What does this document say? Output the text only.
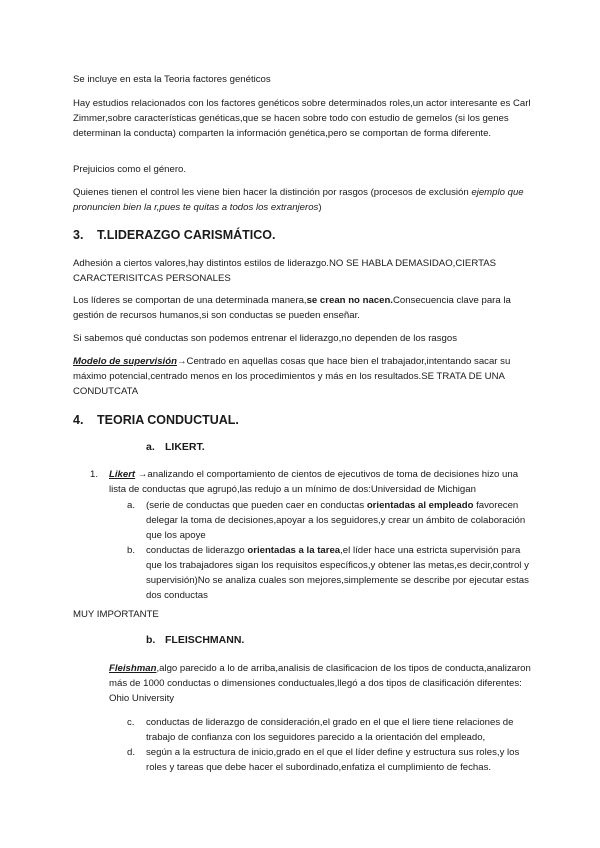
Se incluye en esta la Teoria factores genéticos

Hay estudios relacionados con los factores genéticos sobre determinados roles,un actor interesante es Carl Zimmer,sobre características genéticas,que se hacen sobre todo con estudio de gemelos (si los genes determinan la conducta) comparten la información genética,pero se comportan de forma diferente.

Prejuicios como el género.

Quienes tienen el control les viene bien hacer la distinción por rasgos (procesos de exclusión ejemplo que pronuncien bien la r,pues te quitas a todos los extranjeros)

3. T.LIDERAZGO CARISMÁTICO.

Adhesión a ciertos valores,hay distintos estilos de liderazgo.NO SE HABLA DEMASIDAO,CIERTAS CARACTERISITCAS PERSONALES

Los líderes se comportan de una determinada manera,se crean no nacen.Consecuencia clave para la gestión de recursos humanos,si son conductas se pueden enseñar.

Si sabemos qué conductas son podemos entrenar el liderazgo,no dependen de los rasgos

Modelo de supervisión→Centrado en aquellas cosas que hace bien el trabajador,intentando sacar su máximo potencial,centrado menos en los procedimientos y más en los resultados.SE TRATA DE UNA CONDUTCATA

4. TEORIA CONDUCTUAL.
a. LIKERT.
1. Likert →analizando el comportamiento de cientos de ejecutivos de toma de decisiones hizo una lista de conductas que agrupó,las redujo a un mínimo de dos:Universidad de Michigan

a. (serie de conductas que pueden caer en conductas orientadas al empleado favorecen delegar la toma de decisiones,apoyar a los seguidores,y crear un ámbito de colaboración que los apoye

b. conductas de liderazgo orientadas a la tarea,el líder hace una estricta supervisión para que los trabajadores sigan los requisitos específicos,y obtener las metas,es decir,control y supervisión)No se analiza cuales son mejores,simplemente se describe por ejecutar estas dos conductas

MUY IMPORTANTE

b. FLEISCHMANN.

Fleishman,algo parecido a lo de arriba,analisis de clasificacion de los tipos de conducta,analizaron más de 1000 conductas o dimensiones conductuales,llegó a dos tipos de clasificación diferentes: Ohio University

c. conductas de liderazgo de consideración,el grado en el que el liere tiene relaciones de trabajo de confianza con los seguidores parecido a la orientación del empleado,

d. según a la estructura de inicio,grado en el que el líder define y estructura sus roles,y los roles y tareas que debe hacer el subordinado,enfatiza el cumplimiento de fechas.
